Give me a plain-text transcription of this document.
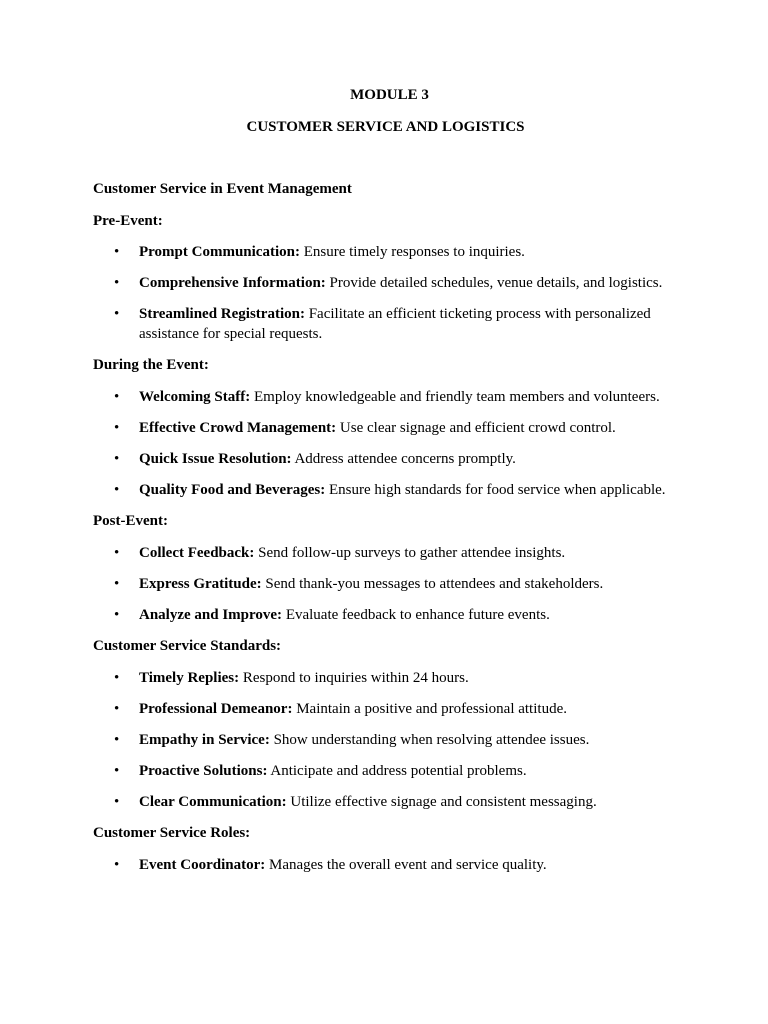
MODULE 3

CUSTOMER SERVICE AND LOGISTICS

Customer Service in Event Management

Pre-Event:

• Prompt Communication: Ensure timely responses to inquiries.
• Comprehensive Information: Provide detailed schedules, venue details, and logistics.
• Streamlined Registration: Facilitate an efficient ticketing process with personalized assistance for special requests.

During the Event:

• Welcoming Staff: Employ knowledgeable and friendly team members and volunteers.
• Effective Crowd Management: Use clear signage and efficient crowd control.
• Quick Issue Resolution: Address attendee concerns promptly.
• Quality Food and Beverages: Ensure high standards for food service when applicable.

Post-Event:

• Collect Feedback: Send follow-up surveys to gather attendee insights.
• Express Gratitude: Send thank-you messages to attendees and stakeholders.
• Analyze and Improve: Evaluate feedback to enhance future events.

Customer Service Standards:

• Timely Replies: Respond to inquiries within 24 hours.
• Professional Demeanor: Maintain a positive and professional attitude.
• Empathy in Service: Show understanding when resolving attendee issues.
• Proactive Solutions: Anticipate and address potential problems.
• Clear Communication: Utilize effective signage and consistent messaging.

Customer Service Roles:

• Event Coordinator: Manages the overall event and service quality.
